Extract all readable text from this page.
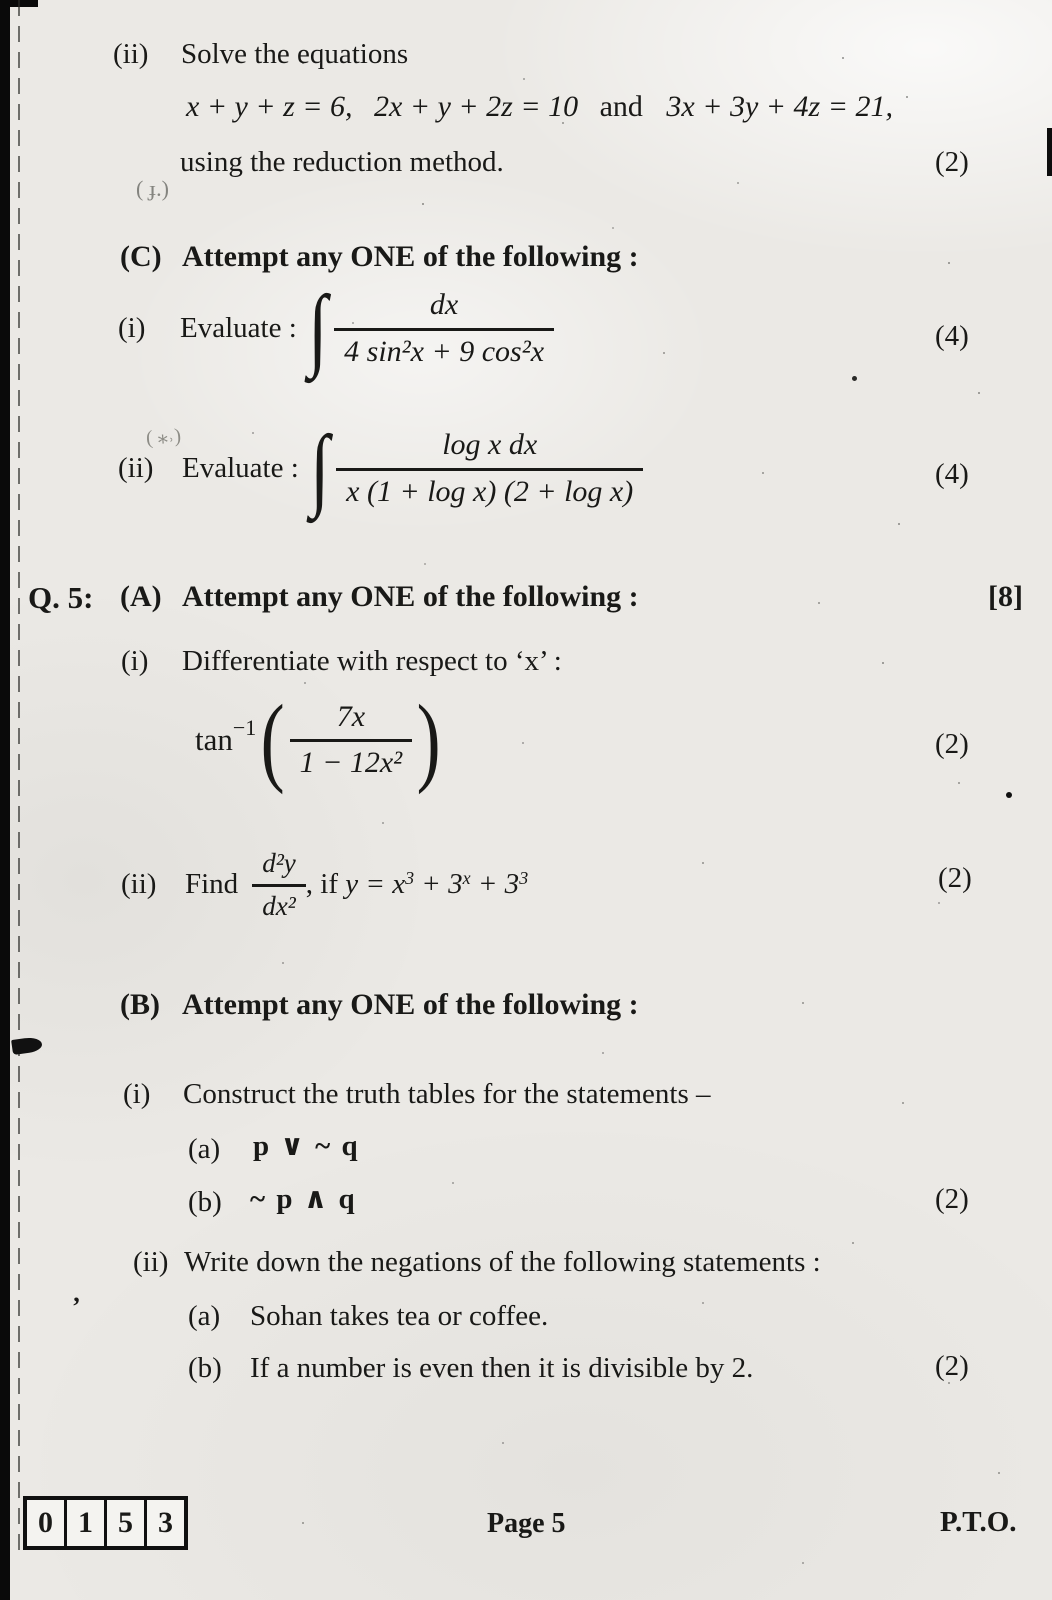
( ɟ.)
( ⁎˒)
’
(ii) Solve the equations
x + y + z = 6, 2x + y + 2z = 10 and 3x + 3y + 4z = 21,
using the reduction method.	(2)
(C) Attempt any ONE of the following :
(i)	Evaluate : ∫ $\frac{dx}{\text{4 sin²x + 9 cos²x}}$	(4)
(ii) Evaluate : ∫ $\frac{\text{log x dx}}{\text{x (1 + log x) (2 + log x)}}$	(4)
Q. 5: (A) Attempt any ONE of the following :	[8]
(i) Differentiate with respect to ‘x’ :
tan −1 ( $\frac{7x}{\text{1 − 12x²}}$ )	(2)
(ii) Find $\frac{\text{d²y}}{\text{dx²}}$ , if $y = x^3 + 3^x + 3^3$	(2)
(B) Attempt any ONE of the following :
(i) Construct the truth tables for the statements –
(a) p ∨ ~ q
(b) ~ p ∧ q	(2)
(ii) Write down the negations of the following statements :
(a) Sohan takes tea or coffee.
(b) If a number is even then it is divisible by 2.	(2)
0 1 5 3	Page 5	P.T.O.
